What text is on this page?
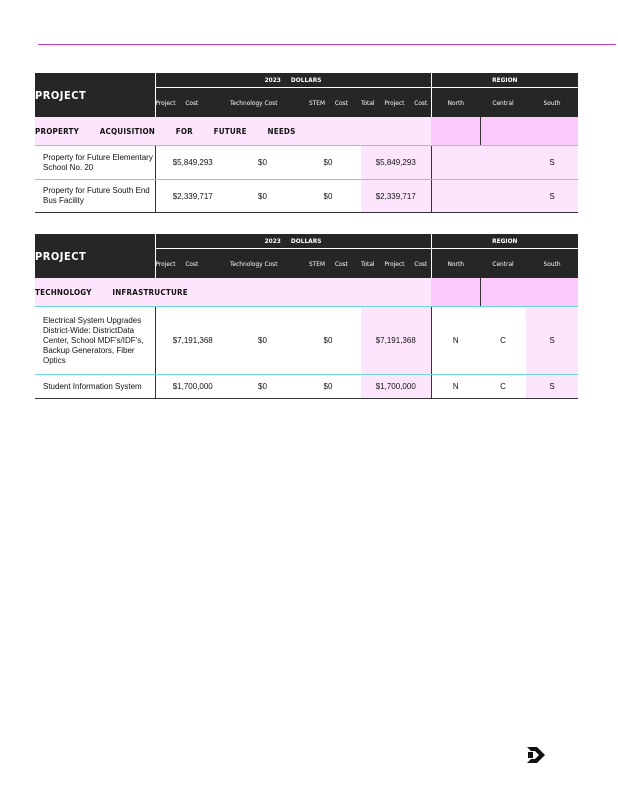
PROJECT	2023 DOLLARS				REGION		
	Project Cost	Technology Cost	STEM Cost	Total Project Cost	North	Central	South
PROPERTY ACQUISITION FOR FUTURE NEEDS							
Property for Future Elementary School No. 20	$5,849,293	$0	$0	$5,849,293			S
Property for Future South End Bus Facility	$2,339,717	$0	$0	$2,339,717			S
PROJECT	2023 DOLLARS				REGION		
	Project Cost	Technology Cost	STEM Cost	Total Project Cost	North	Central	South
TECHNOLOGY INFRASTRUCTURE							
Electrical System Upgrades District-Wide: DistrictData Center, School MDF's/IDF's, Backup Generators, Fiber Optics	$7,191,368	$0	$0	$7,191,368	N	C	S
Student Information System	$1,700,000	$0	$0	$1,700,000	N	C	S
